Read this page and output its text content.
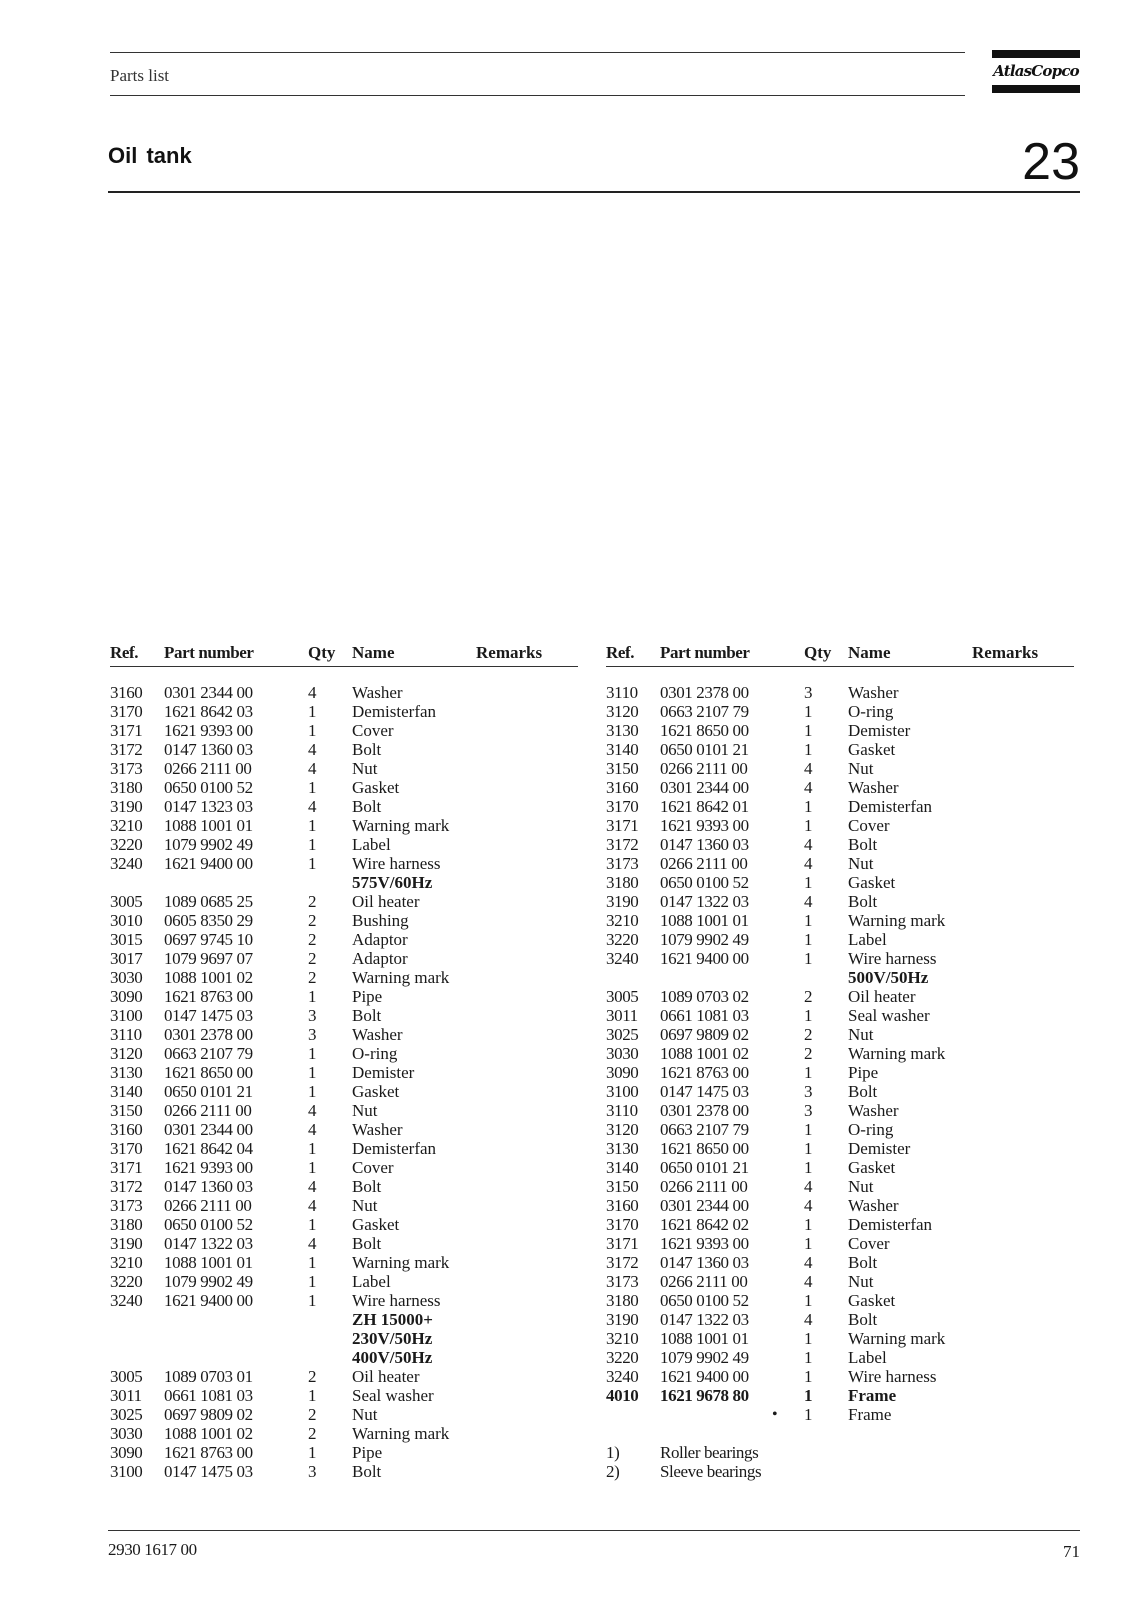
Parts list	AtlasCopco
Oil tank	23
Ref. Part number	Qty Name	Remarks
3160 0301 2344 00	4 Washer
3170 1621 8642 03	1 Demisterfan
3171 1621 9393 00	1 Cover
3172 0147 1360 03	4 Bolt
3173 0266 2111 00	4 Nut
3180 0650 0100 52	1 Gasket
3190 0147 1323 03	4 Bolt
3210 1088 1001 01	1 Warning mark
3220 1079 9902 49	1 Label
3240 1621 9400 00	1 Wire harness
575V/60Hz
3005 1089 0685 25	2 Oil heater
3010 0605 8350 29	2 Bushing
3015 0697 9745 10	2 Adaptor
3017 1079 9697 07	2 Adaptor
3030 1088 1001 02	2 Warning mark
3090 1621 8763 00	1 Pipe
3100 0147 1475 03	3 Bolt
3110 0301 2378 00	3 Washer
3120 0663 2107 79	1 O-ring
3130 1621 8650 00	1 Demister
3140 0650 0101 21	1 Gasket
3150 0266 2111 00	4 Nut
3160 0301 2344 00	4 Washer
3170 1621 8642 04	1 Demisterfan
3171 1621 9393 00	1 Cover
3172 0147 1360 03	4 Bolt
3173 0266 2111 00	4 Nut
3180 0650 0100 52	1 Gasket
3190 0147 1322 03	4 Bolt
3210 1088 1001 01	1 Warning mark
3220 1079 9902 49	1 Label
3240 1621 9400 00	1 Wire harness
ZH 15000+
230V/50Hz
400V/50Hz
3005 1089 0703 01	2 Oil heater
3011 0661 1081 03	1 Seal washer
3025 0697 9809 02	2 Nut
3030 1088 1001 02	2 Warning mark
3090 1621 8763 00	1 Pipe
3100 0147 1475 03	3 Bolt
Ref. Part number	Qty Name	Remarks
3110 0301 2378 00	3 Washer
3120 0663 2107 79	1 O-ring
3130 1621 8650 00	1 Demister
3140 0650 0101 21	1 Gasket
3150 0266 2111 00	4 Nut
3160 0301 2344 00	4 Washer
3170 1621 8642 01	1 Demisterfan
3171 1621 9393 00	1 Cover
3172 0147 1360 03	4 Bolt
3173 0266 2111 00	4 Nut
3180 0650 0100 52	1 Gasket
3190 0147 1322 03	4 Bolt
3210 1088 1001 01	1 Warning mark
3220 1079 9902 49	1 Label
3240 1621 9400 00	1 Wire harness
500V/50Hz
3005 1089 0703 02	2 Oil heater
3011 0661 1081 03	1 Seal washer
3025 0697 9809 02	2 Nut
3030 1088 1001 02	2 Warning mark
3090 1621 8763 00	1 Pipe
3100 0147 1475 03	3 Bolt
3110 0301 2378 00	3 Washer
3120 0663 2107 79	1 O-ring
3130 1621 8650 00	1 Demister
3140 0650 0101 21	1 Gasket
3150 0266 2111 00	4 Nut
3160 0301 2344 00	4 Washer
3170 1621 8642 02	1 Demisterfan
3171 1621 9393 00	1 Cover
3172 0147 1360 03	4 Bolt
3173 0266 2111 00	4 Nut
3180 0650 0100 52	1 Gasket
3190 0147 1322 03	4 Bolt
3210 1088 1001 01	1 Warning mark
3220 1079 9902 49	1 Label
3240 1621 9400 00	1 Wire harness
4010 1621 9678 80	1 Frame
• 1 Frame
1) Roller bearings
2) Sleeve bearings
2930 1617 00	71
